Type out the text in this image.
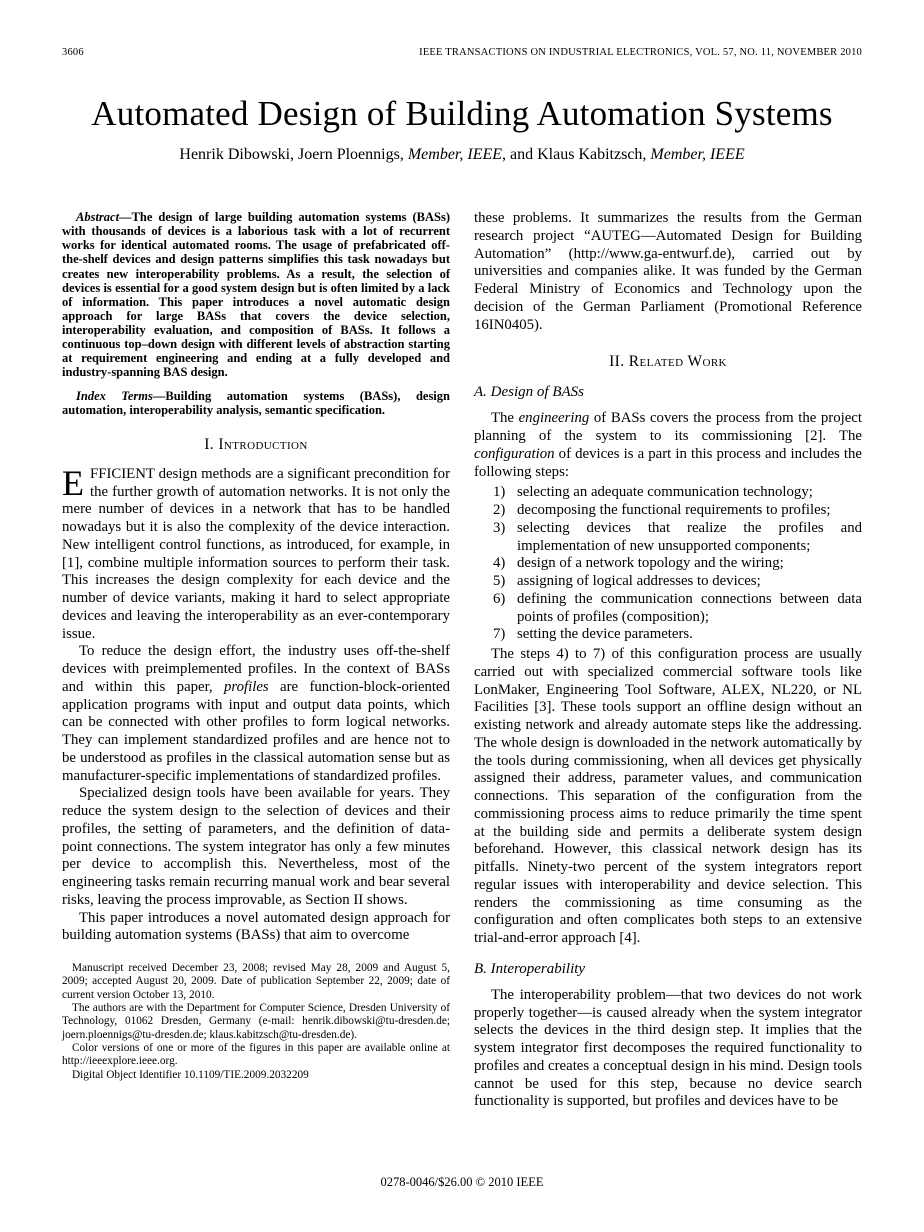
3606	IEEE TRANSACTIONS ON INDUSTRIAL ELECTRONICS, VOL. 57, NO. 11, NOVEMBER 2010
Automated Design of Building Automation Systems
Henrik Dibowski, Joern Ploennigs, Member, IEEE, and Klaus Kabitzsch, Member, IEEE

Abstract—The design of large building automation systems (BASs) with thousands of devices is a laborious task with a lot of recurrent works for identical automated rooms. The usage of prefabricated off-the-shelf devices and design patterns simplifies this task nowadays but creates new interoperability problems. As a result, the selection of devices is essential for a good system design but is often limited by a lack of information. This paper introduces a novel automatic design approach for large BASs that covers the device selection, interoperability evaluation, and composition of BASs. It follows a continuous top–down design with different levels of abstraction starting at requirement engineering and ending at a fully developed and industry-spanning BAS design.

Index Terms—Building automation systems (BASs), design automation, interoperability analysis, semantic specification.

I. Introduction

EFFICIENT design methods are a significant precondition for the further growth of automation networks. It is not only the mere number of devices in a network that has to be handled nowadays but it is also the complexity of the device interaction. New intelligent control functions, as introduced, for example, in [1], combine multiple information sources to perform their task. This increases the design complexity for each device and the number of device variants, making it hard to select appropriate devices and leaving the interoperability as an ever-contemporary issue.

To reduce the design effort, the industry uses off-the-shelf devices with preimplemented profiles. In the context of BASs and within this paper, profiles are function-block-oriented application programs with input and output data points, which can be connected with other profiles to form logical networks. They can implement standardized profiles and are hence not to be understood as profiles in the classical automation sense but as manufacturer-specific implementations of standardized profiles.

Specialized design tools have been available for years. They reduce the system design to the selection of devices and their profiles, the setting of parameters, and the definition of data-point connections. The system integrator has only a few minutes per device to accomplish this. Nevertheless, most of the engineering tasks remain recurring manual work and bear several risks, leaving the process improvable, as Section II shows.

This paper introduces a novel automated design approach for building automation systems (BASs) that aim to overcome

Manuscript received December 23, 2008; revised May 28, 2009 and August 5, 2009; accepted August 20, 2009. Date of publication September 22, 2009; date of current version October 13, 2010.

The authors are with the Department for Computer Science, Dresden University of Technology, 01062 Dresden, Germany (e-mail: henrik.dibowski@tu-dresden.de; joern.ploennigs@tu-dresden.de; klaus.kabitzsch@tu-dresden.de).

Color versions of one or more of the figures in this paper are available online at http://ieeexplore.ieee.org.

Digital Object Identifier 10.1109/TIE.2009.2032209

these problems. It summarizes the results from the German research project “AUTEG—Automated Design for Building Automation” (http://www.ga-entwurf.de), carried out by universities and companies alike. It was funded by the German Federal Ministry of Economics and Technology upon the decision of the German Parliament (Promotional Reference 16IN0405).

II. Related Work
A. Design of BASs

The engineering of BASs covers the process from the project planning of the system to its commissioning [2]. The configuration of devices is a part in this process and includes the following steps:

1) selecting an adequate communication technology;
2) decomposing the functional requirements to profiles;
3) selecting devices that realize the profiles and implementation of new unsupported components;
4) design of a network topology and the wiring;
5) assigning of logical addresses to devices;
6) defining the communication connections between data points of profiles (composition);
7) setting the device parameters.

The steps 4) to 7) of this configuration process are usually carried out with specialized commercial software tools like LonMaker, Engineering Tool Software, ALEX, NL220, or NL Facilities [3]. These tools support an offline design without an existing network and already automate steps like the addressing. The whole design is downloaded in the network automatically by the tools during commissioning, when all devices get physically assigned their address, parameter values, and communication connections. This separation of the configuration from the commissioning process aims to reduce primarily the time spent at the building side and permits a deliberate system design beforehand. However, this classical network design has its pitfalls. Ninety-two percent of the system integrators report regular issues with interoperability and device selection. This renders the commissioning as time consuming as the configuration and often complicates both steps to an extensive trial-and-error approach [4].

B. Interoperability

The interoperability problem—that two devices do not work properly together—is caused already when the system integrator selects the devices in the third design step. It implies that the system integrator first decomposes the required functionality to profiles and creates a conceptual design in his mind. Design tools cannot be used for this step, because no device search functionality is supported, but profiles and devices have to be

0278-0046/$26.00 © 2010 IEEE
